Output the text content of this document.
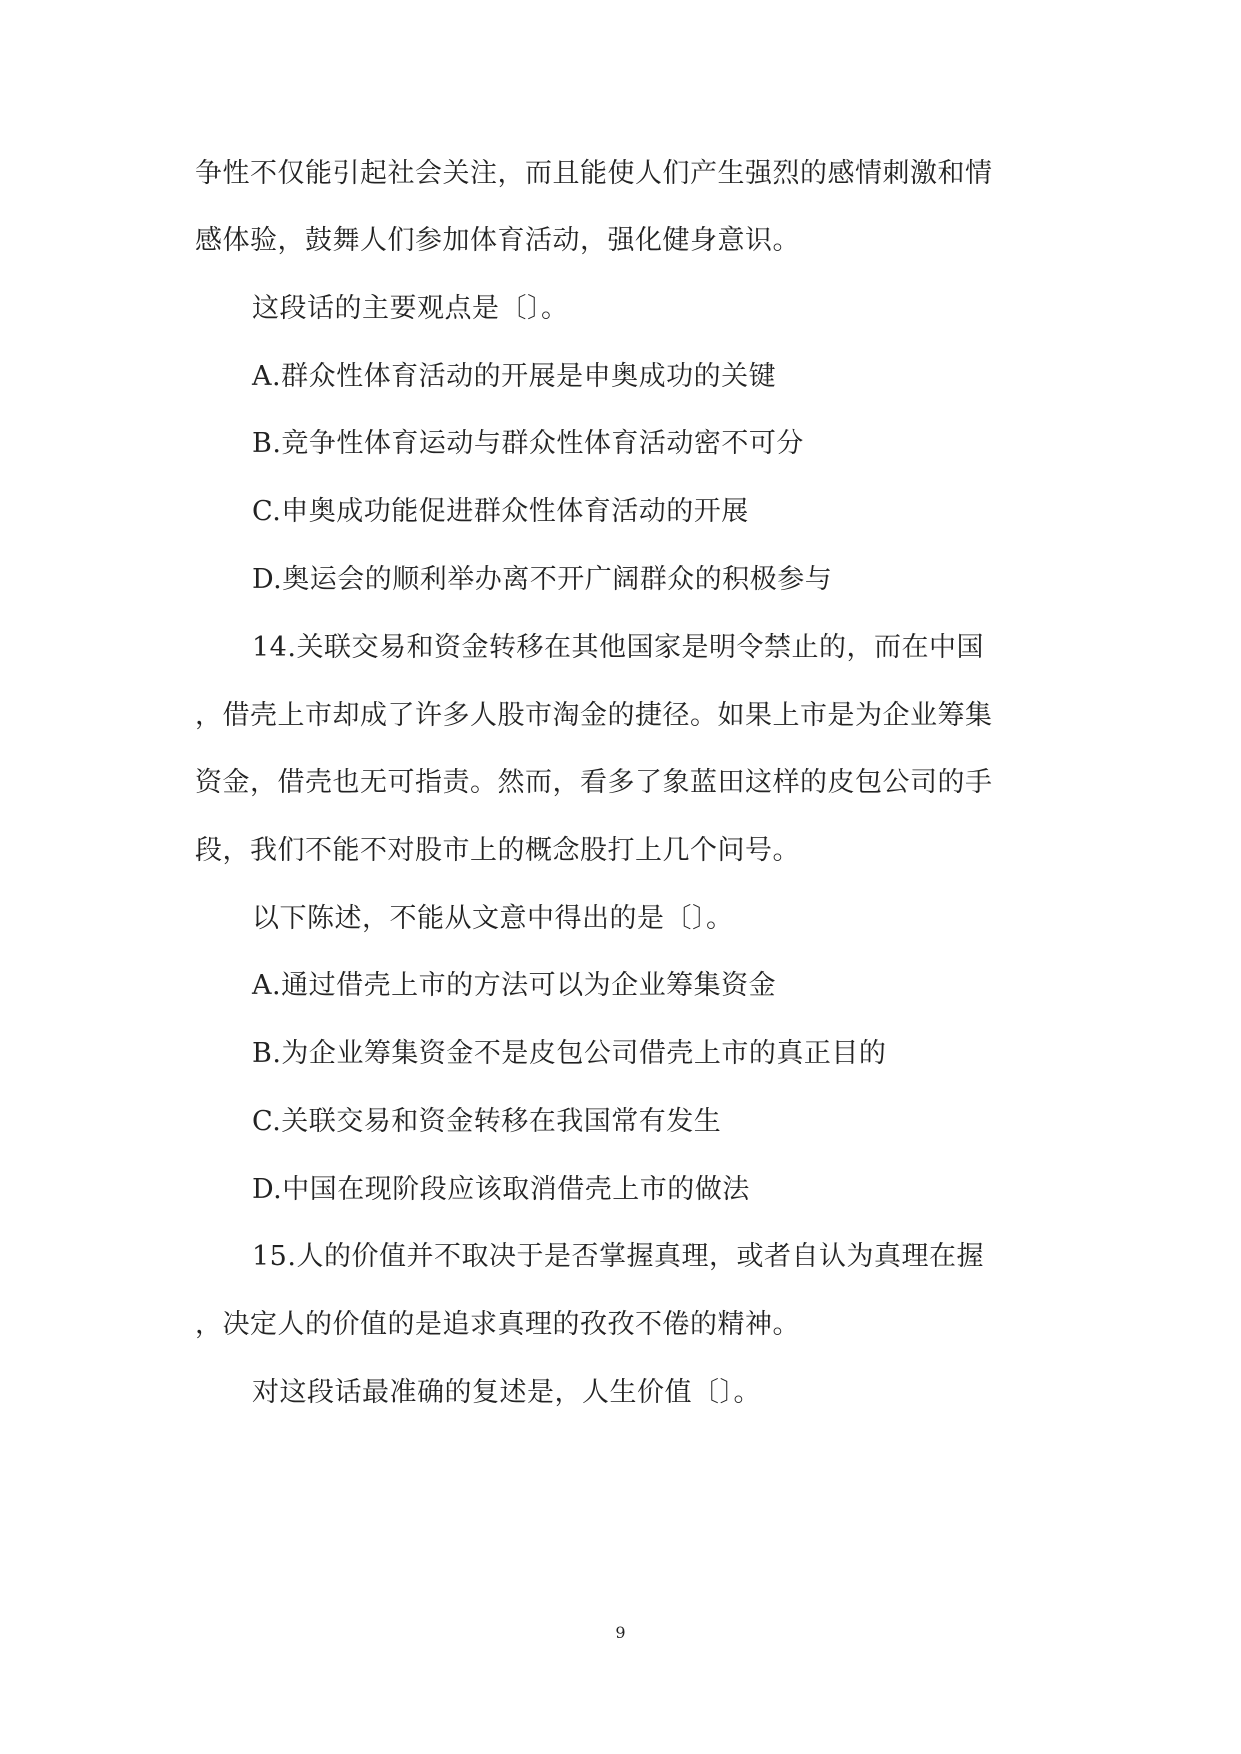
争性不仅能引起社会关注，而且能使人们产生强烈的感情刺激和情
感体验，鼓舞人们参加体育活动，强化健身意识。
这段话的主要观点是〔〕。
A.群众性体育活动的开展是申奥成功的关键
B.竞争性体育运动与群众性体育活动密不可分
C.申奥成功能促进群众性体育活动的开展
D.奥运会的顺利举办离不开广阔群众的积极参与
14.关联交易和资金转移在其他国家是明令禁止的，而在中国
，借壳上市却成了许多人股市淘金的捷径。如果上市是为企业筹集
资金，借壳也无可指责。然而，看多了象蓝田这样的皮包公司的手
段，我们不能不对股市上的概念股打上几个问号。
以下陈述，不能从文意中得出的是〔〕。
A.通过借壳上市的方法可以为企业筹集资金
B.为企业筹集资金不是皮包公司借壳上市的真正目的
C.关联交易和资金转移在我国常有发生
D.中国在现阶段应该取消借壳上市的做法
15.人的价值并不取决于是否掌握真理，或者自认为真理在握
，决定人的价值的是追求真理的孜孜不倦的精神。
对这段话最准确的复述是，人生价值〔〕。
9
